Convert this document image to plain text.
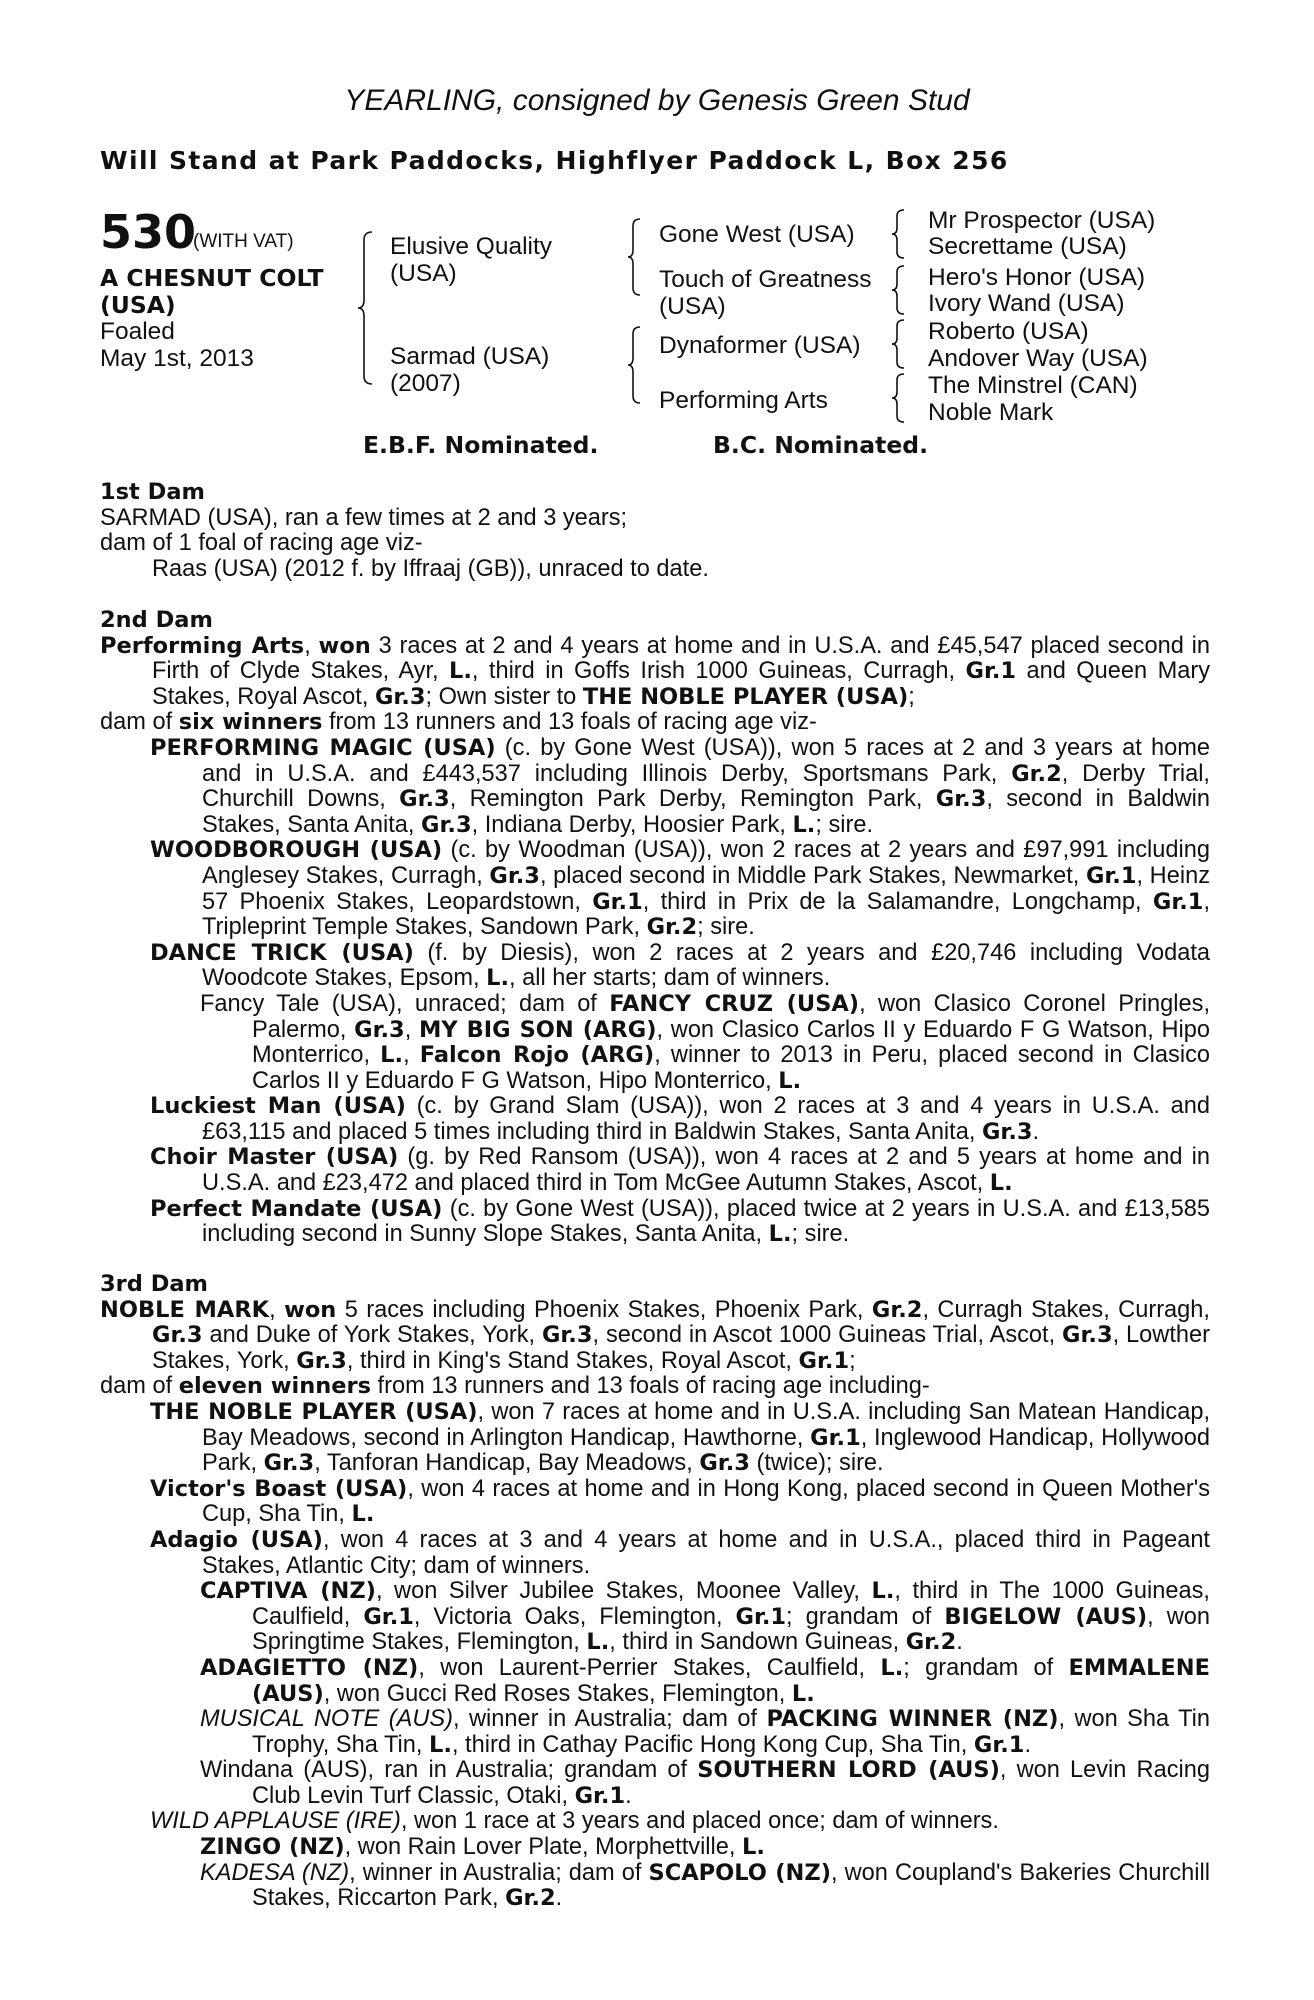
YEARLING, consigned by Genesis Green Stud
Will Stand at Park Paddocks, Highflyer Paddock L, Box 256
530
(WITH VAT)
A CHESNUT COLT
(USA)
Foaled
May 1st, 2013
Elusive Quality
(USA)
Sarmad (USA)
(2007)
Gone West (USA)
Touch of Greatness
(USA)
Dynaformer (USA)
Performing Arts
Mr Prospector (USA)
Secrettame (USA)
Hero's Honor (USA)
Ivory Wand (USA)
Roberto (USA)
Andover Way (USA)
The Minstrel (CAN)
Noble Mark
E.B.F. Nominated.	B.C. Nominated.
1st Dam
SARMAD (USA), ran a few times at 2 and 3 years;
dam of 1 foal of racing age viz-
Raas (USA) (2012 f. by Iffraaj (GB)), unraced to date.
2nd Dam
Performing Arts, won 3 races at 2 and 4 years at home and in U.S.A. and £45,547 placed second in Firth of Clyde Stakes, Ayr, L., third in Goffs Irish 1000 Guineas, Curragh, Gr.1 and Queen Mary Stakes, Royal Ascot, Gr.3; Own sister to THE NOBLE PLAYER (USA);
dam of six winners from 13 runners and 13 foals of racing age viz-
PERFORMING MAGIC (USA) (c. by Gone West (USA)), won 5 races at 2 and 3 years at home and in U.S.A. and £443,537 including Illinois Derby, Sportsmans Park, Gr.2, Derby Trial, Churchill Downs, Gr.3, Remington Park Derby, Remington Park, Gr.3, second in Baldwin Stakes, Santa Anita, Gr.3, Indiana Derby, Hoosier Park, L.; sire.
WOODBOROUGH (USA) (c. by Woodman (USA)), won 2 races at 2 years and £97,991 including Anglesey Stakes, Curragh, Gr.3, placed second in Middle Park Stakes, Newmarket, Gr.1, Heinz 57 Phoenix Stakes, Leopardstown, Gr.1, third in Prix de la Salamandre, Longchamp, Gr.1, Tripleprint Temple Stakes, Sandown Park, Gr.2; sire.
DANCE TRICK (USA) (f. by Diesis), won 2 races at 2 years and £20,746 including Vodata Woodcote Stakes, Epsom, L., all her starts; dam of winners.
Fancy Tale (USA), unraced; dam of FANCY CRUZ (USA), won Clasico Coronel Pringles, Palermo, Gr.3, MY BIG SON (ARG), won Clasico Carlos II y Eduardo F G Watson, Hipo Monterrico, L., Falcon Rojo (ARG), winner to 2013 in Peru, placed second in Clasico Carlos II y Eduardo F G Watson, Hipo Monterrico, L.
Luckiest Man (USA) (c. by Grand Slam (USA)), won 2 races at 3 and 4 years in U.S.A. and £63,115 and placed 5 times including third in Baldwin Stakes, Santa Anita, Gr.3.
Choir Master (USA) (g. by Red Ransom (USA)), won 4 races at 2 and 5 years at home and in U.S.A. and £23,472 and placed third in Tom McGee Autumn Stakes, Ascot, L.
Perfect Mandate (USA) (c. by Gone West (USA)), placed twice at 2 years in U.S.A. and £13,585 including second in Sunny Slope Stakes, Santa Anita, L.; sire.
3rd Dam
NOBLE MARK, won 5 races including Phoenix Stakes, Phoenix Park, Gr.2, Curragh Stakes, Curragh, Gr.3 and Duke of York Stakes, York, Gr.3, second in Ascot 1000 Guineas Trial, Ascot, Gr.3, Lowther Stakes, York, Gr.3, third in King's Stand Stakes, Royal Ascot, Gr.1;
dam of eleven winners from 13 runners and 13 foals of racing age including-
THE NOBLE PLAYER (USA), won 7 races at home and in U.S.A. including San Matean Handicap, Bay Meadows, second in Arlington Handicap, Hawthorne, Gr.1, Inglewood Handicap, Hollywood Park, Gr.3, Tanforan Handicap, Bay Meadows, Gr.3 (twice); sire.
Victor's Boast (USA), won 4 races at home and in Hong Kong, placed second in Queen Mother's Cup, Sha Tin, L.
Adagio (USA), won 4 races at 3 and 4 years at home and in U.S.A., placed third in Pageant Stakes, Atlantic City; dam of winners.
CAPTIVA (NZ), won Silver Jubilee Stakes, Moonee Valley, L., third in The 1000 Guineas, Caulfield, Gr.1, Victoria Oaks, Flemington, Gr.1; grandam of BIGELOW (AUS), won Springtime Stakes, Flemington, L., third in Sandown Guineas, Gr.2.
ADAGIETTO (NZ), won Laurent-Perrier Stakes, Caulfield, L.; grandam of EMMALENE (AUS), won Gucci Red Roses Stakes, Flemington, L.
MUSICAL NOTE (AUS), winner in Australia; dam of PACKING WINNER (NZ), won Sha Tin Trophy, Sha Tin, L., third in Cathay Pacific Hong Kong Cup, Sha Tin, Gr.1.
Windana (AUS), ran in Australia; grandam of SOUTHERN LORD (AUS), won Levin Racing Club Levin Turf Classic, Otaki, Gr.1.
WILD APPLAUSE (IRE), won 1 race at 3 years and placed once; dam of winners.
ZINGO (NZ), won Rain Lover Plate, Morphettville, L.
KADESA (NZ), winner in Australia; dam of SCAPOLO (NZ), won Coupland's Bakeries Churchill Stakes, Riccarton Park, Gr.2.
